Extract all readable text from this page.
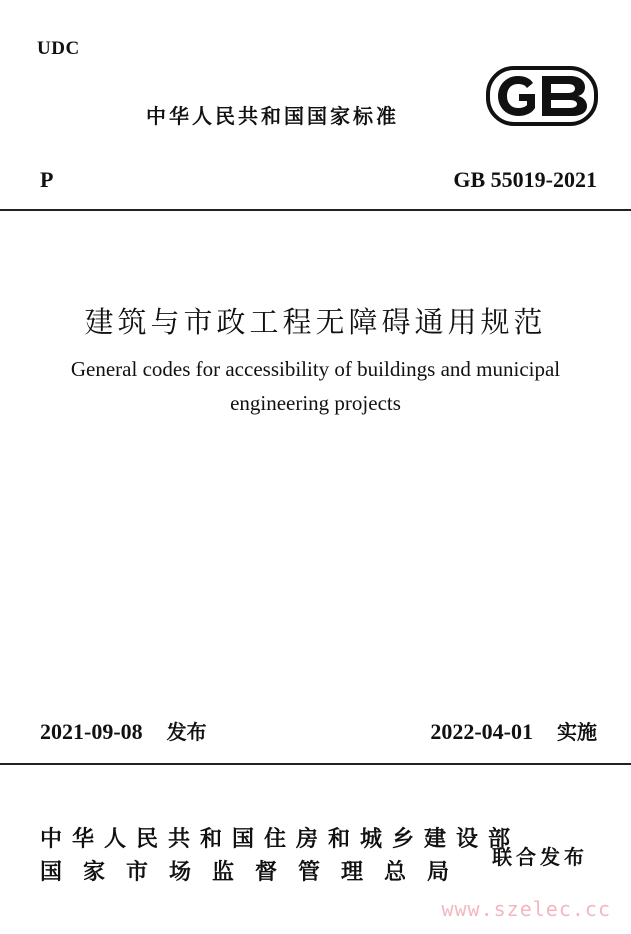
UDC
中华人民共和国国家标准
P	GB 55019-2021
建筑与市政工程无障碍通用规范
General codes for accessibility of buildings and municipal
engineering projects
2021-09-08 发布	2022-04-01 实施
中华人民共和国住房和城乡建设部
国家市场监督管理总局
联合发布
www.szelec.cc
